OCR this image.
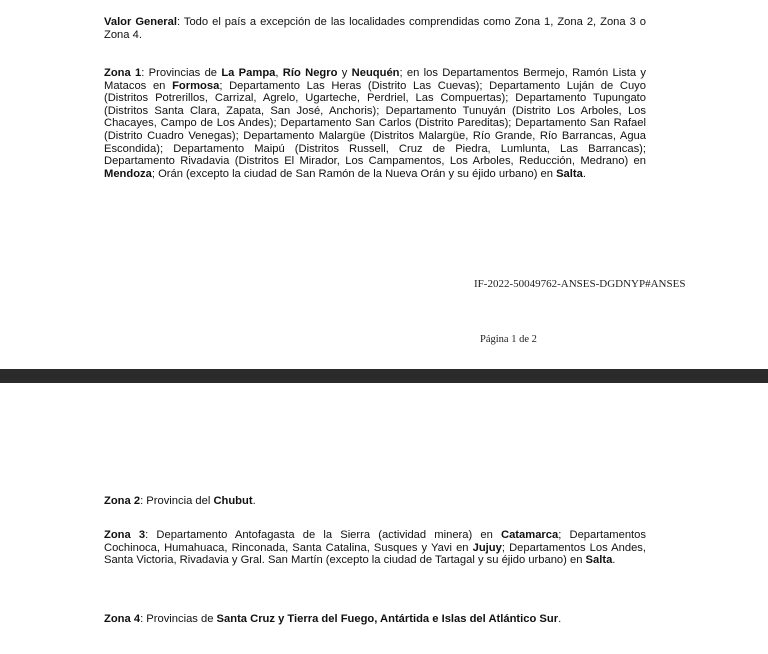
Valor General: Todo el país a excepción de las localidades comprendidas como Zona 1, Zona 2, Zona 3 o Zona 4.

Zona 1: Provincias de La Pampa, Río Negro y Neuquén; en los Departamentos Bermejo, Ramón Lista y Matacos en Formosa; Departamento Las Heras (Distrito Las Cuevas); Departamento Luján de Cuyo (Distritos Potrerillos, Carrizal, Agrelo, Ugarteche, Perdriel, Las Compuertas); Departamento Tupungato (Distritos Santa Clara, Zapata, San José, Anchoris); Departamento Tunuyán (Distrito Los Arboles, Los Chacayes, Campo de Los Andes); Departamento San Carlos (Distrito Pareditas); Departamento San Rafael (Distrito Cuadro Venegas); Departamento Malargüe (Distritos Malargüe, Río Grande, Río Barrancas, Agua Escondida); Departamento Maipú (Distritos Russell, Cruz de Piedra, Lumlunta, Las Barrancas); Departamento Rivadavia (Distritos El Mirador, Los Campamentos, Los Arboles, Reducción, Medrano) en Mendoza; Orán (excepto la ciudad de San Ramón de la Nueva Orán y su éjido urbano) en Salta.

IF-2022-50049762-ANSES-DGDNYP#ANSES
Página 1 de 2

Zona 2: Provincia del Chubut.

Zona 3: Departamento Antofagasta de la Sierra (actividad minera) en Catamarca; Departamentos Cochinoca, Humahuaca, Rinconada, Santa Catalina, Susques y Yavi en Jujuy; Departamentos Los Andes, Santa Victoria, Rivadavia y Gral. San Martín (excepto la ciudad de Tartagal y su éjido urbano) en Salta.

Zona 4: Provincias de Santa Cruz y Tierra del Fuego, Antártida e Islas del Atlántico Sur.
